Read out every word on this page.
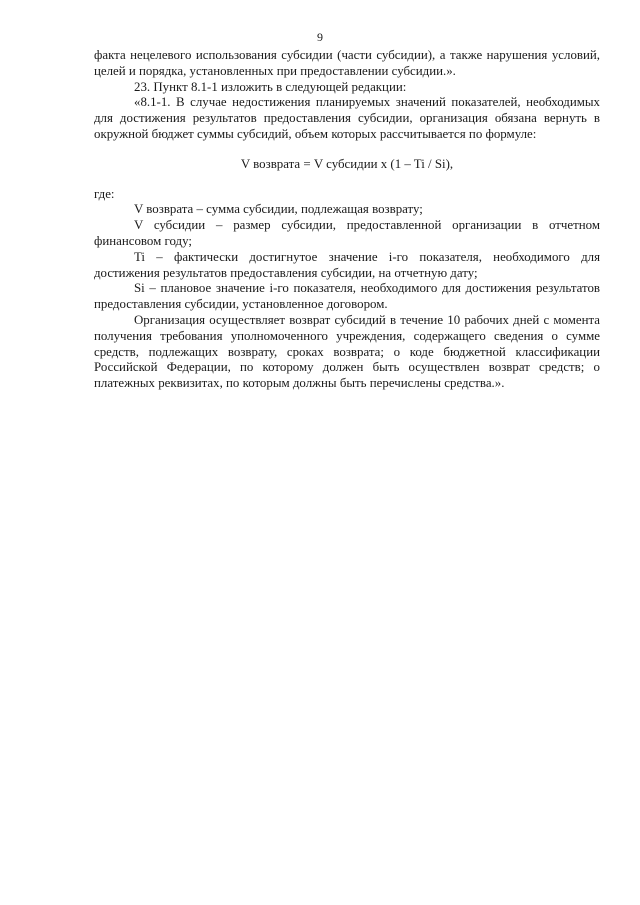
9

фaкта нецелевого использования субсидии (части субсидии), а также нарушения условий, целей и порядка, установленных при предоставлении субсидии.».

23. Пункт 8.1-1 изложить в следующей редакции:

«8.1-1. В случае недостижения планируемых значений показателей, необходимых для достижения результатов предоставления субсидии, организация обязана вернуть в окружной бюджет суммы субсидий, объем которых рассчитывается по формуле:

V возврата = V субсидии x (1 – Ti / Si),

где:

V возврата – сумма субсидии, подлежащая возврату;

V субсидии – размер субсидии, предоставленной организации в отчетном финансовом году;

Ti – фактически достигнутое значение i-го показателя, необходимого для достижения результатов предоставления субсидии, на отчетную дату;

Si – плановое значение i-го показателя, необходимого для достижения результатов предоставления субсидии, установленное договором.

Организация осуществляет возврат субсидий в течение 10 рабочих дней с момента получения требования уполномоченного учреждения, содержащего сведения о сумме средств, подлежащих возврату, сроках возврата; о коде бюджетной классификации Российской Федерации, по которому должен быть осуществлен возврат средств; о платежных реквизитах, по которым должны быть перечислены средства.».
